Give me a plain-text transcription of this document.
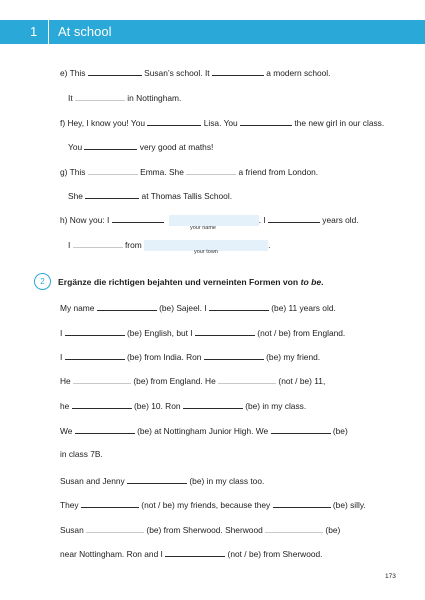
1 At school
e) This	Susan’s school. It	a modern school.
It	in Nottingham.
f) Hey, I know you! You	Lisa. You	the new girl in our class.
You	very good at maths!
g) This	Emma. She	a friend from London.
She	at Thomas Tallis School.
h) Now you: I	. I	years old.
your name
I	from	.
your town
2	Ergänze die richtigen bejahten und verneinten Formen von to be.
My name	(be) Sajeel. I	(be) 11 years old.
I	(be) English, but I	(not / be) from England.
I	(be) from India. Ron	(be) my friend.
He	(be) from England. He	(not / be) 11,
he	(be) 10. Ron	(be) in my class.
We	(be) at Nottingham Junior High. We	(be)
in class 7B.
Susan and Jenny	(be) in my class too.
They	(not / be) my friends, because they	(be) silly.
Susan	(be) from Sherwood. Sherwood	(be)
near Nottingham. Ron and I	(not / be) from Sherwood.
173
